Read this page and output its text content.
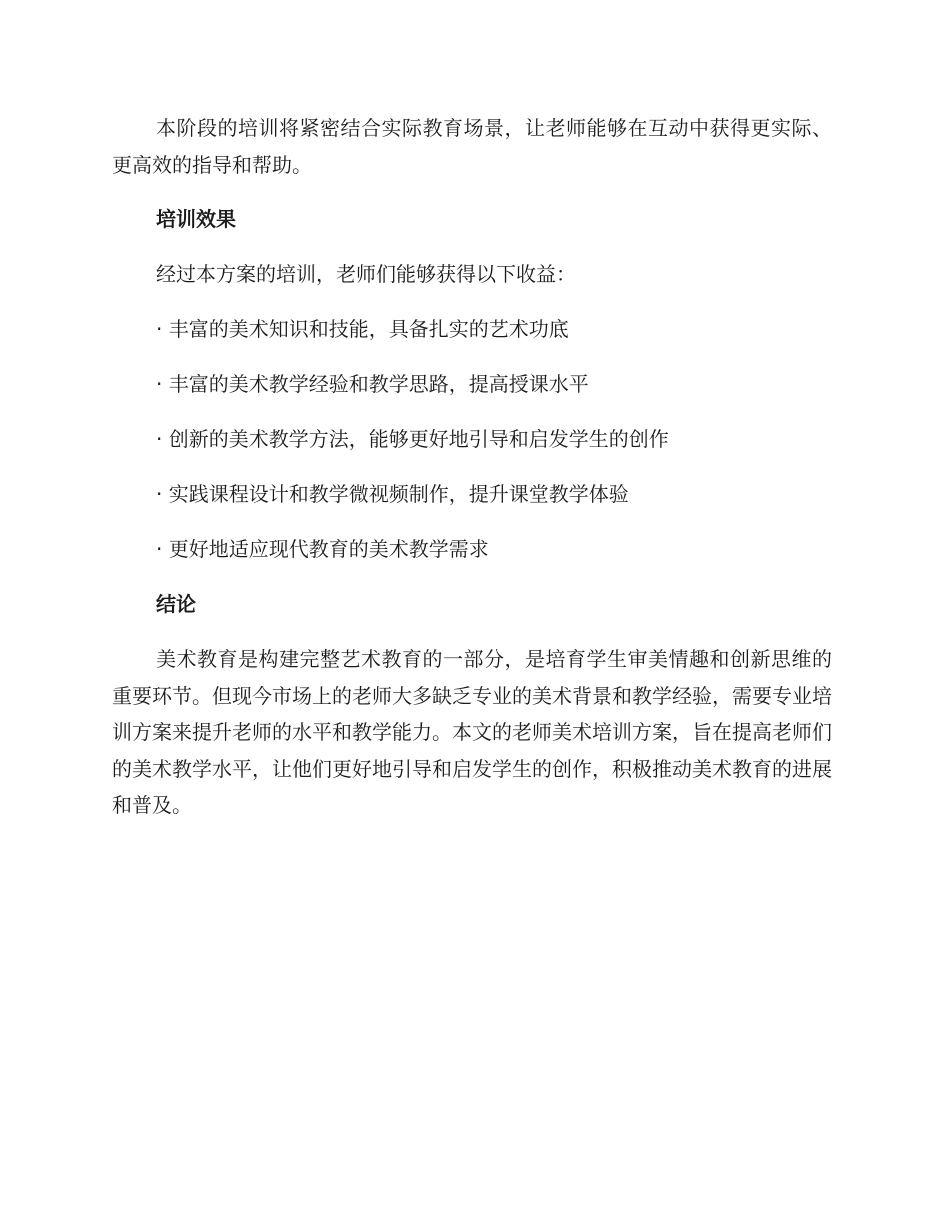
本阶段的培训将紧密结合实际教育场景，让老师能够在互动中获得更实际、更高效的指导和帮助。

培训效果

经过本方案的培训，老师们能够获得以下收益：

· 丰富的美术知识和技能，具备扎实的艺术功底

· 丰富的美术教学经验和教学思路，提高授课水平

· 创新的美术教学方法，能够更好地引导和启发学生的创作

· 实践课程设计和教学微视频制作，提升课堂教学体验

· 更好地适应现代教育的美术教学需求

结论

美术教育是构建完整艺术教育的一部分，是培育学生审美情趣和创新思维的重要环节。但现今市场上的老师大多缺乏专业的美术背景和教学经验，需要专业培训方案来提升老师的水平和教学能力。本文的老师美术培训方案，旨在提高老师们的美术教学水平，让他们更好地引导和启发学生的创作，积极推动美术教育的进展和普及。
